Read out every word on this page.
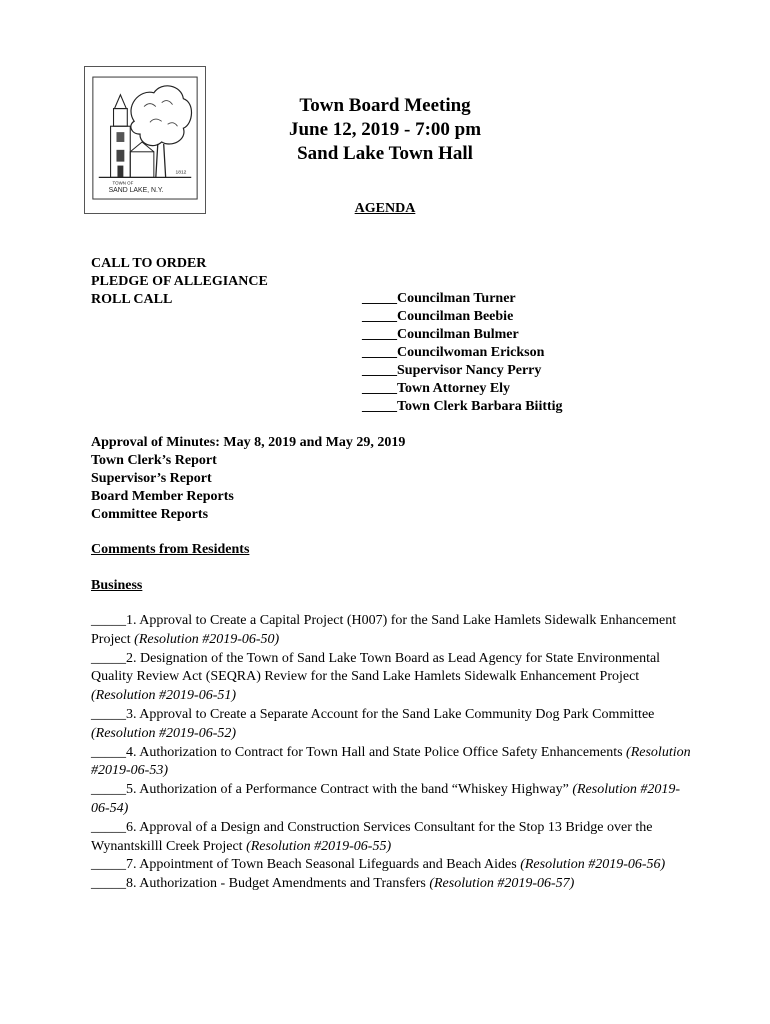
1812
TOWN OF
SAND LAKE, N.Y.
Town Board Meeting
June 12, 2019 - 7:00 pm
Sand Lake Town Hall
AGENDA
CALL TO ORDER
PLEDGE OF ALLEGIANCE
ROLL CALL	_____Councilman Turner
_____Councilman Beebie
_____Councilman Bulmer
_____Councilwoman Erickson
_____Supervisor Nancy Perry
_____Town Attorney Ely
_____Town Clerk Barbara Biittig
Approval of Minutes: May 8, 2019 and May 29, 2019
Town Clerk’s Report
Supervisor’s Report
Board Member Reports
Committee Reports
Comments from Residents
Business

_____1. Approval to Create a Capital Project (H007) for the Sand Lake Hamlets Sidewalk Enhancement Project (Resolution #2019-06-50)

_____2. Designation of the Town of Sand Lake Town Board as Lead Agency for State Environmental Quality Review Act (SEQRA) Review for the Sand Lake Hamlets Sidewalk Enhancement Project (Resolution #2019-06-51)

_____3. Approval to Create a Separate Account for the Sand Lake Community Dog Park Committee (Resolution #2019-06-52)

_____4. Authorization to Contract for Town Hall and State Police Office Safety Enhancements (Resolution #2019-06-53)

_____5. Authorization of a Performance Contract with the band “Whiskey Highway” (Resolution #2019-06-54)

_____6. Approval of a Design and Construction Services Consultant for the Stop 13 Bridge over the Wynantskilll Creek Project (Resolution #2019-06-55)

_____7. Appointment of Town Beach Seasonal Lifeguards and Beach Aides (Resolution #2019-06-56)

_____8. Authorization - Budget Amendments and Transfers (Resolution #2019-06-57)
